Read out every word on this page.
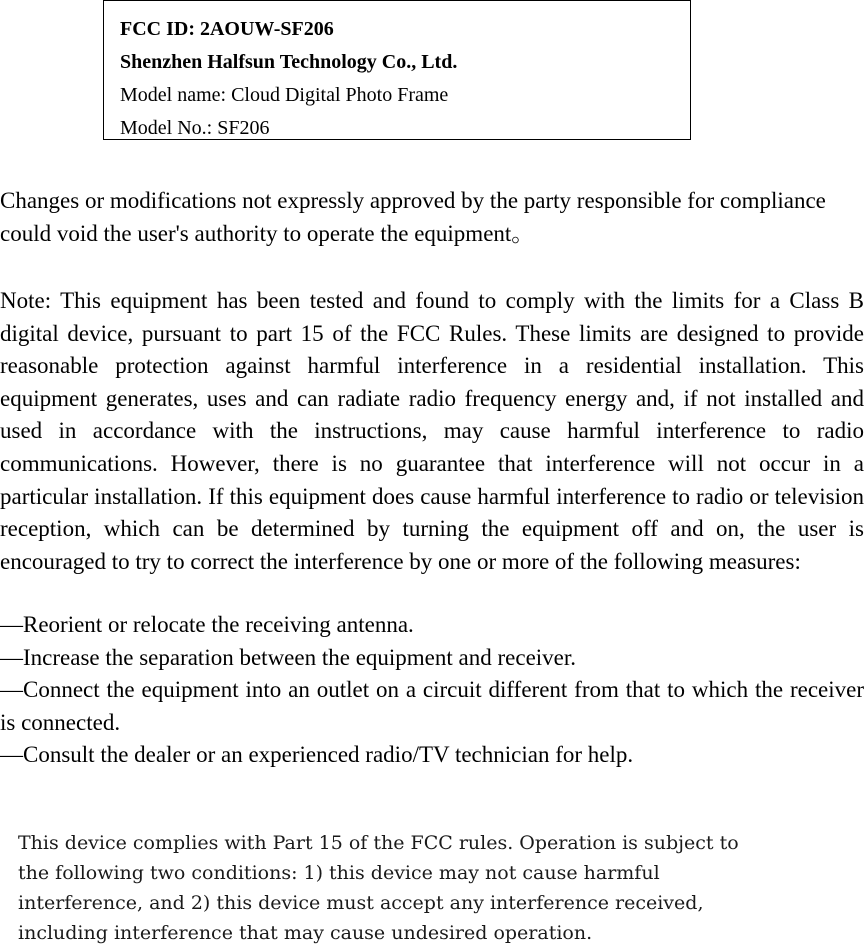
FCC ID: 2AOUW-SF206
Shenzhen Halfsun Technology Co., Ltd.
Model name: Cloud Digital Photo Frame
Model No.: SF206

Changes or modifications not expressly approved by the party responsible for compliance could void the user's authority to operate the equipment。

Note: This equipment has been tested and found to comply with the limits for a Class B digital device, pursuant to part 15 of the FCC Rules. These limits are designed to provide reasonable protection against harmful interference in a residential installation. This equipment generates, uses and can radiate radio frequency energy and, if not installed and used in accordance with the instructions, may cause harmful interference to radio communications. However, there is no guarantee that interference will not occur in a particular installation. If this equipment does cause harmful interference to radio or television reception, which can be determined by turning the equipment off and on, the user is encouraged to try to correct the interference by one or more of the following measures:

—Reorient or relocate the receiving antenna.
—Increase the separation between the equipment and receiver.
—Connect the equipment into an outlet on a circuit different from that to which the receiver is connected.
—Consult the dealer or an experienced radio/TV technician for help.
This device complies with Part 15 of the FCC rules. Operation is subject to
the following two conditions: 1) this device may not cause harmful
interference, and 2) this device must accept any interference received,
including interference that may cause undesired operation.
